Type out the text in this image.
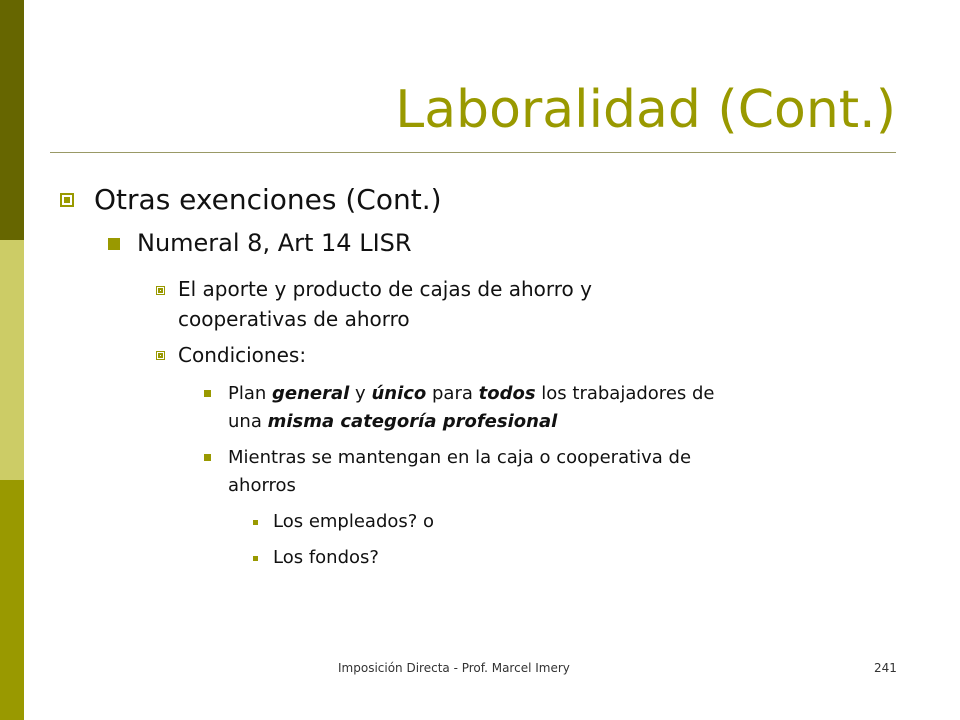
Laboralidad (Cont.)
Otras exenciones (Cont.)
Numeral 8, Art 14 LISR
El aporte y producto de cajas de ahorro y
cooperativas de ahorro
Condiciones:
Plan general y único para todos los trabajadores de
una misma categoría profesional
Mientras se mantengan en la caja o cooperativa de
ahorros
Los empleados? o
Los fondos?
Imposición Directa - Prof. Marcel Imery	241
